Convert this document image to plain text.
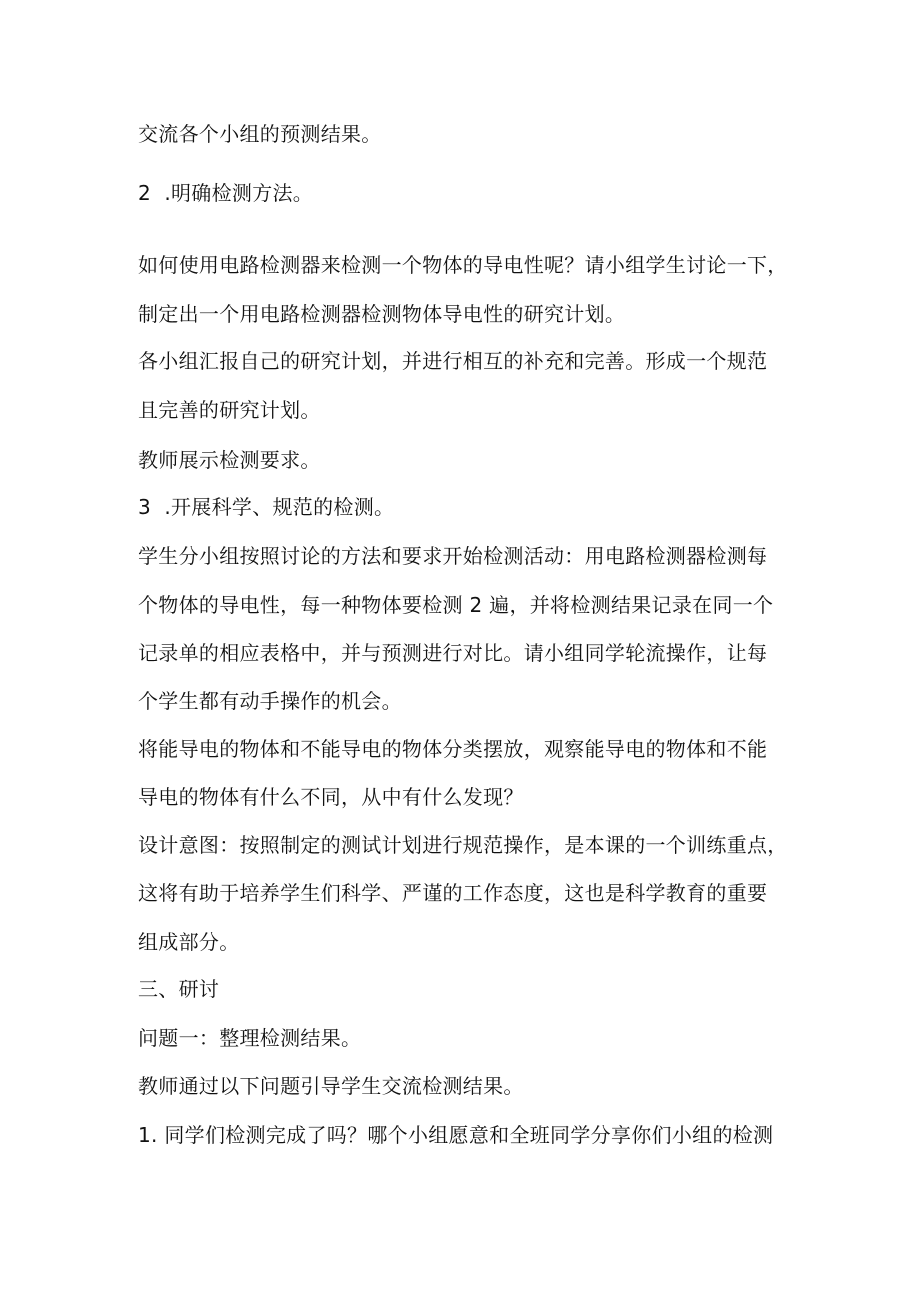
交流各个小组的预测结果。

2  .明确检测方法。

如何使用电路检测器来检测一个物体的导电性呢？请小组学生讨论一下，

制定出一个用电路检测器检测物体导电性的研究计划。

各小组汇报自己的研究计划，并进行相互的补充和完善。形成一个规范

且完善的研究计划。

教师展示检测要求。

3  .开展科学、规范的检测。

学生分小组按照讨论的方法和要求开始检测活动：用电路检测器检测每

个物体的导电性，每一种物体要检测 2 遍，并将检测结果记录在同一个

记录单的相应表格中，并与预测进行对比。请小组同学轮流操作，让每

个学生都有动手操作的机会。

将能导电的物体和不能导电的物体分类摆放，观察能导电的物体和不能

导电的物体有什么不同，从中有什么发现？

设计意图：按照制定的测试计划进行规范操作，是本课的一个训练重点，

这将有助于培养学生们科学、严谨的工作态度，这也是科学教育的重要

组成部分。

三、研讨

问题一：整理检测结果。

教师通过以下问题引导学生交流检测结果。

1. 同学们检测完成了吗？哪个小组愿意和全班同学分享你们小组的检测
